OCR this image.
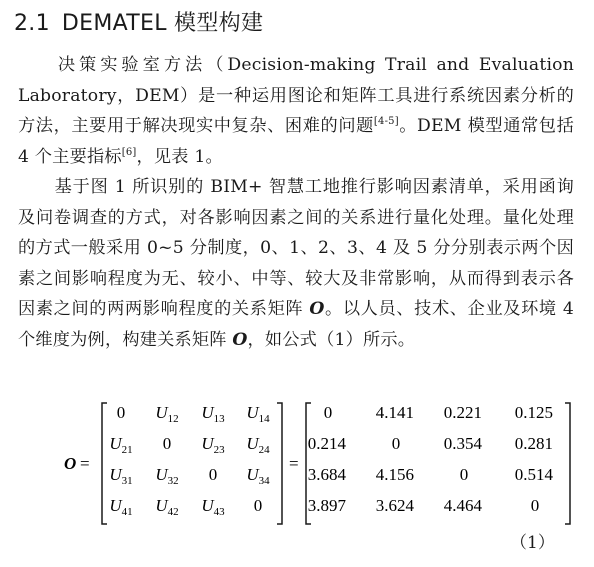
2.1 DEMATEL 模型构建
决策实验室方法（Decision-making Trail and Evaluation Laboratory，DEM）是一种运用图论和矩阵工具进行系统因素分析的方法，主要用于解决现实中复杂、困难的问题[4-5]。DEM 模型通常包括 4 个主要指标[6]，见表 1。
基于图 1 所识别的 BIM+ 智慧工地推行影响因素清单，采用函询及问卷调查的方式，对各影响因素之间的关系进行量化处理。量化处理的方式一般采用 0~5 分制度，0、1、2、3、4 及 5 分分别表示两个因素之间影响程度为无、较小、中等、较大及非常影响，从而得到表示各因素之间的两两影响程度的关系矩阵 O。以人员、技术、企业及环境 4 个维度为例，构建关系矩阵 O，如公式（1）所示。
O =	=
0 $U_{12}$ $U_{13}$ $U_{14}$
$U_{21}$ 0 $U_{23}$ $U_{24}$
$U_{31}$ $U_{32}$ 0 $U_{34}$
$U_{41}$ $U_{42}$ $U_{43}$ 0
0	4.141 0.221 0.125
0.214	0	0.354 0.281
3.684 4.156	0	0.514
3.897 3.624 4.464	0
（1）
